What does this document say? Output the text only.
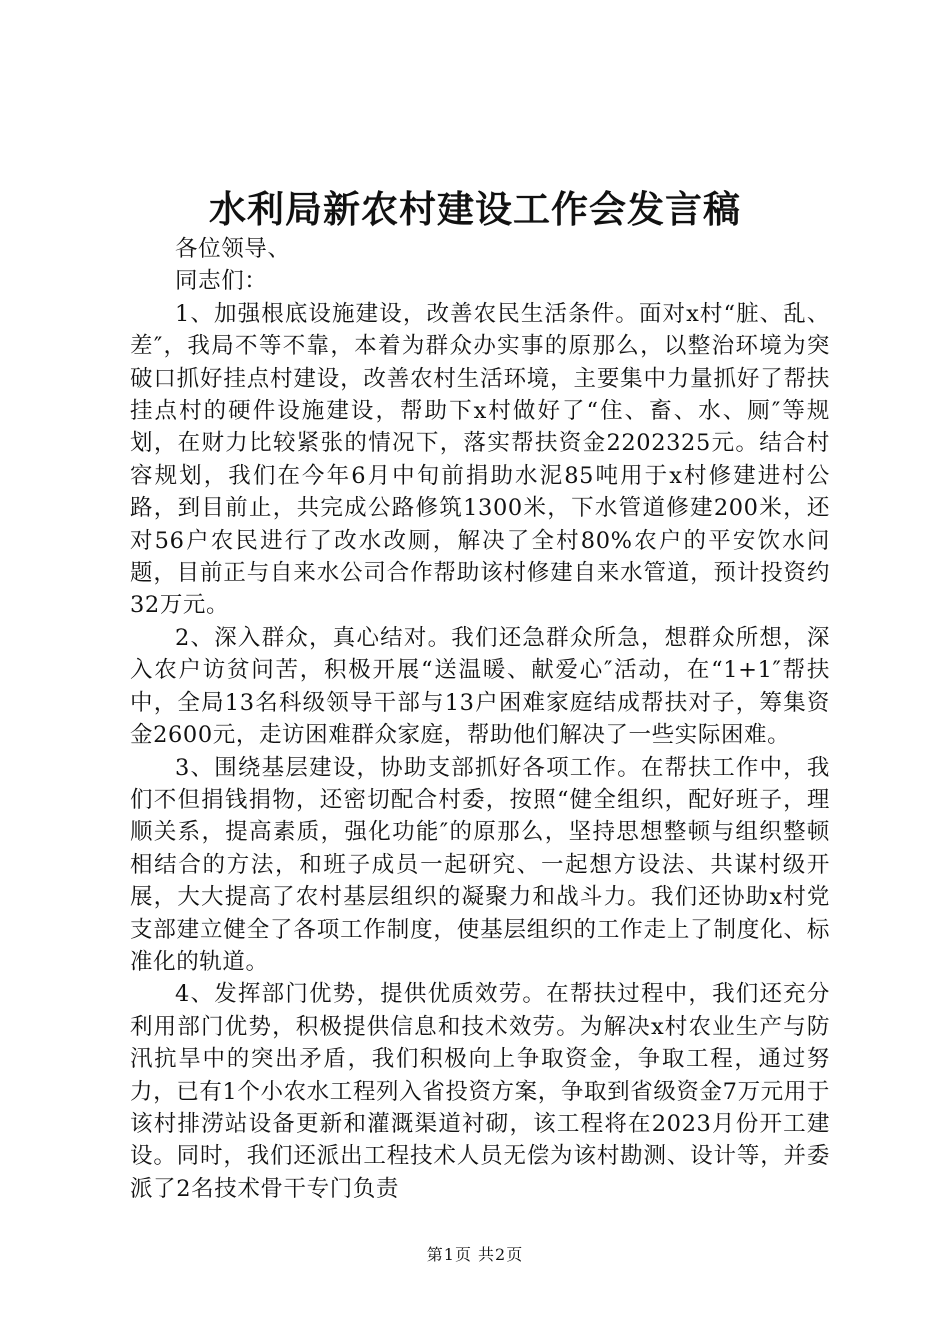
水利局新农村建设工作会发言稿

各位领导、

同志们：

1、加强根底设施建设，改善农民生活条件。面对x村“脏、乱、差″，我局不等不靠，本着为群众办实事的原那么，以整治环境为突破口抓好挂点村建设，改善农村生活环境，主要集中力量抓好了帮扶挂点村的硬件设施建设，帮助下x村做好了“住、畜、水、厕″等规划，在财力比较紧张的情况下，落实帮扶资金2202325元。结合村容规划，我们在今年6月中旬前捐助水泥85吨用于x村修建进村公路，到目前止，共完成公路修筑1300米，下水管道修建200米，还对56户农民进行了改水改厕，解决了全村80%农户的平安饮水问题，目前正与自来水公司合作帮助该村修建自来水管道，预计投资约32万元。

2、深入群众，真心结对。我们还急群众所急，想群众所想，深入农户访贫问苦，积极开展“送温暖、献爱心″活动，在“1+1″帮扶中，全局13名科级领导干部与13户困难家庭结成帮扶对子，筹集资金2600元，走访困难群众家庭，帮助他们解决了一些实际困难。

3、围绕基层建设，协助支部抓好各项工作。在帮扶工作中，我们不但捐钱捐物，还密切配合村委，按照“健全组织，配好班子，理顺关系，提高素质，强化功能″的原那么，坚持思想整顿与组织整顿相结合的方法，和班子成员一起研究、一起想方设法、共谋村级开展，大大提高了农村基层组织的凝聚力和战斗力。我们还协助x村党支部建立健全了各项工作制度，使基层组织的工作走上了制度化、标准化的轨道。

4、发挥部门优势，提供优质效劳。在帮扶过程中，我们还充分利用部门优势，积极提供信息和技术效劳。为解决x村农业生产与防汛抗旱中的突出矛盾，我们积极向上争取资金，争取工程，通过努力，已有1个小农水工程列入省投资方案，争取到省级资金7万元用于该村排涝站设备更新和灌溉渠道衬砌，该工程将在2023月份开工建设。同时，我们还派出工程技术人员无偿为该村勘测、设计等，并委派了2名技术骨干专门负责

第1页 共2页
